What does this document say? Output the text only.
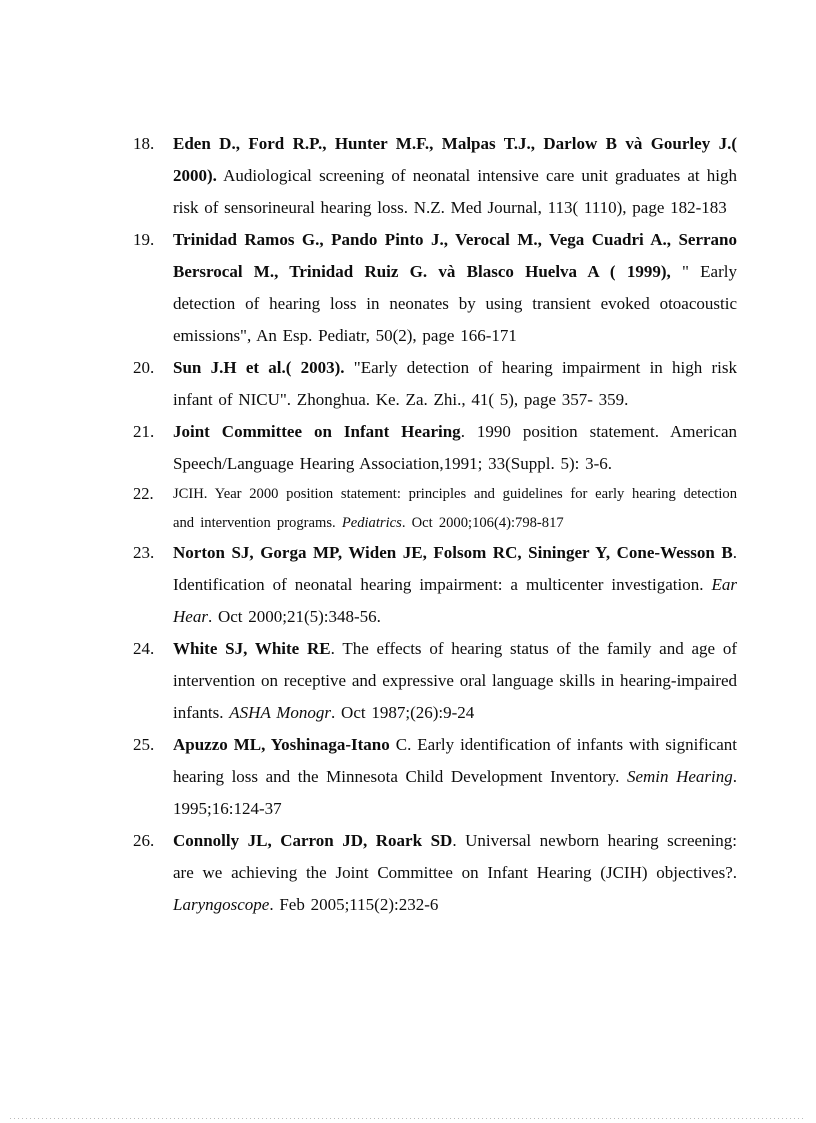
18. Eden D., Ford R.P., Hunter M.F., Malpas T.J., Darlow B và Gourley J.( 2000). Audiological screening of neonatal intensive care unit graduates at high risk of sensorineural hearing loss. N.Z. Med Journal, 113( 1110), page 182-183
19. Trinidad Ramos G., Pando Pinto J., Verocal M., Vega Cuadri A., Serrano Bersrocal M., Trinidad Ruiz G. và Blasco Huelva A ( 1999), " Early detection of hearing loss in neonates by using transient evoked otoacoustic emissions", An Esp. Pediatr, 50(2), page 166-171
20. Sun J.H et al.( 2003). "Early detection of hearing impairment in high risk infant of NICU". Zhonghua. Ke. Za. Zhi., 41( 5), page 357- 359.
21. Joint Committee on Infant Hearing. 1990 position statement. American Speech/Language Hearing Association,1991; 33(Suppl. 5): 3-6.
22. JCIH. Year 2000 position statement: principles and guidelines for early hearing detection and intervention programs. Pediatrics. Oct 2000;106(4):798-817
23. Norton SJ, Gorga MP, Widen JE, Folsom RC, Sininger Y, Cone-Wesson B. Identification of neonatal hearing impairment: a multicenter investigation. Ear Hear. Oct 2000;21(5):348-56.
24. White SJ, White RE. The effects of hearing status of the family and age of intervention on receptive and expressive oral language skills in hearing-impaired infants. ASHA Monogr. Oct 1987;(26):9-24
25. Apuzzo ML, Yoshinaga-Itano C. Early identification of infants with significant hearing loss and the Minnesota Child Development Inventory. Semin Hearing. 1995;16:124-37
26. Connolly JL, Carron JD, Roark SD. Universal newborn hearing screening: are we achieving the Joint Committee on Infant Hearing (JCIH) objectives?. Laryngoscope. Feb 2005;115(2):232-6
